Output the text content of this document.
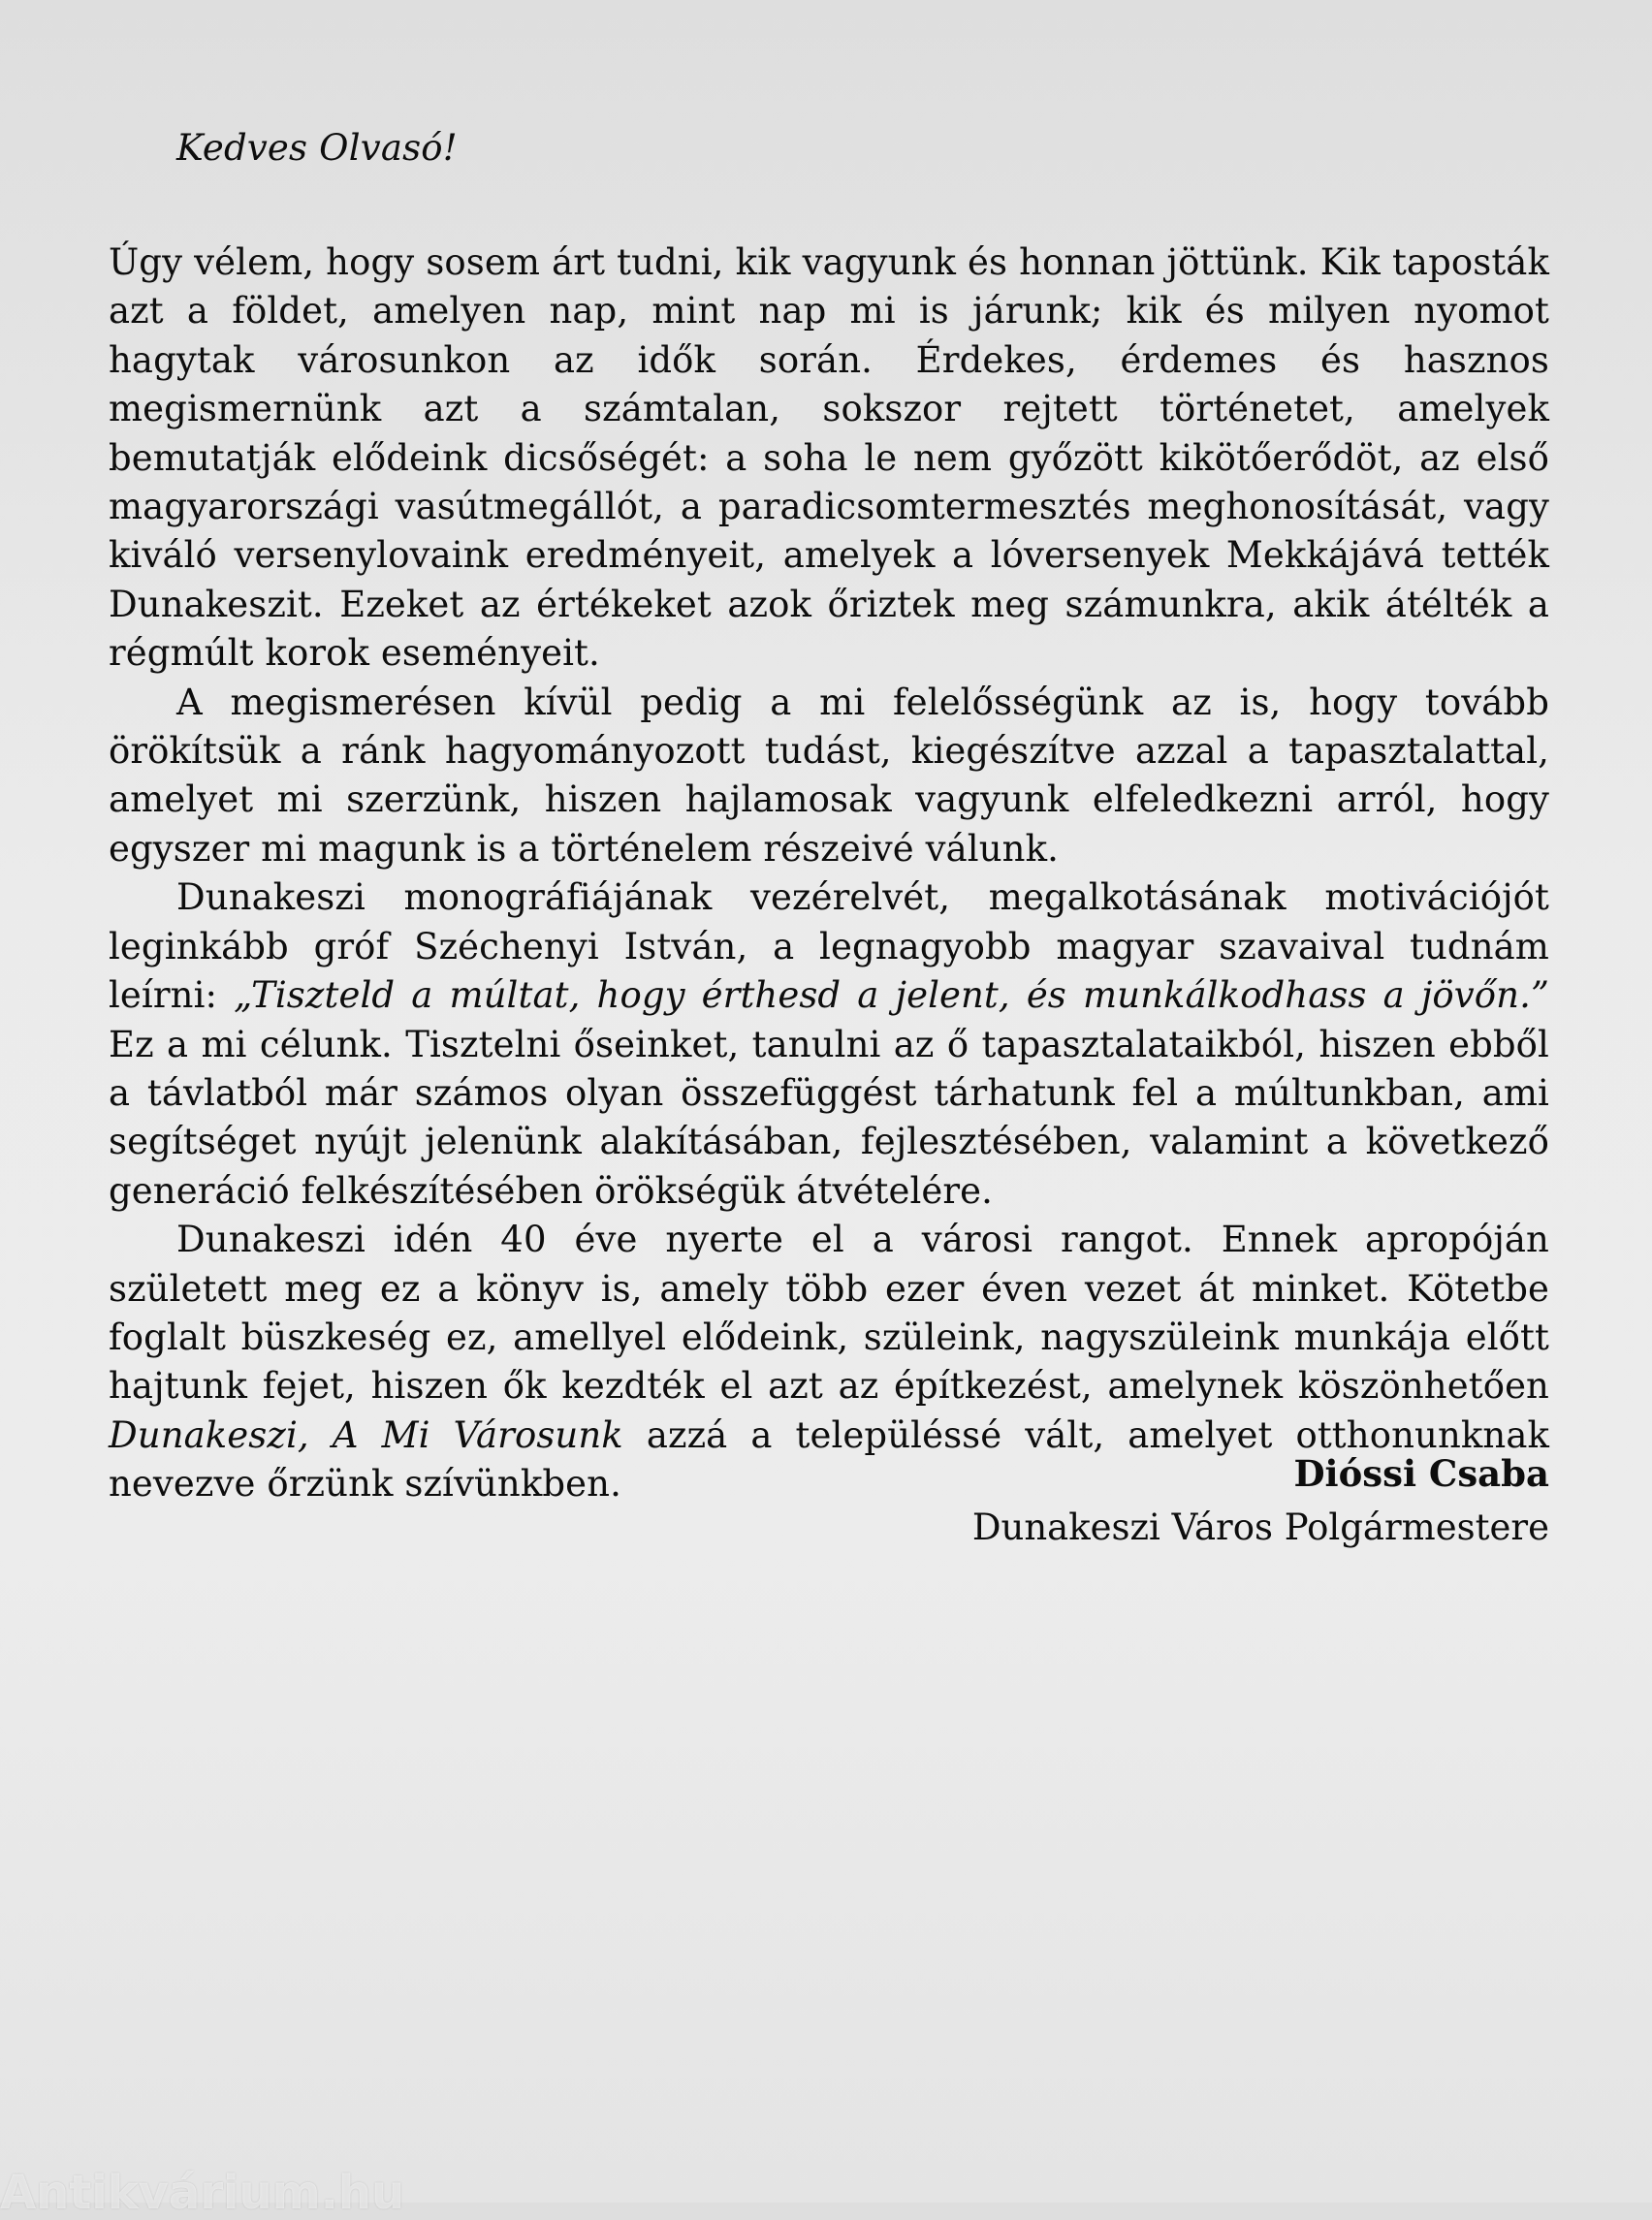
Kedves Olvasó!

Úgy vélem, hogy sosem árt tudni, kik vagyunk és honnan jöttünk. Kik taposták azt a földet, amelyen nap, mint nap mi is járunk; kik és milyen nyomot hagytak városunkon az idők során. Érdekes, érdemes és hasznos megismernünk azt a számtalan, sokszor rejtett történetet, amelyek bemutatják elődeink dicsőségét: a soha le nem győzött kikötőerődöt, az első magyarországi vasútmegállót, a paradicsomtermesztés meghonosítását, vagy kiváló versenylovaink eredményeit, amelyek a lóversenyek Mekkájává tették Dunakeszit. Ezeket az értékeket azok őriztek meg számunkra, akik átélték a régmúlt korok eseményeit.

A megismerésen kívül pedig a mi felelősségünk az is, hogy tovább örökítsük a ránk hagyományozott tudást, kiegészítve azzal a tapasztalattal, amelyet mi szerzünk, hiszen hajlamosak vagyunk elfeledkezni arról, hogy egyszer mi magunk is a történelem részeivé válunk.

Dunakeszi monográfiájának vezérelvét, megalkotásának motivációjót leginkább gróf Széchenyi István, a legnagyobb magyar szavaival tudnám leírni: „Tiszteld a múltat, hogy érthesd a jelent, és munkálkodhass a jövőn.” Ez a mi célunk. Tisztelni őseinket, tanulni az ő tapasztalataikból, hiszen ebből a távlatból már számos olyan összefüggést tárhatunk fel a múltunkban, ami segítséget nyújt jelenünk alakításában, fejlesztésében, valamint a következő generáció felkészítésében örökségük átvételére.

Dunakeszi idén 40 éve nyerte el a városi rangot. Ennek apropóján született meg ez a könyv is, amely több ezer éven vezet át minket. Kötetbe foglalt büszkeség ez, amellyel elődeink, szüleink, nagyszüleink munkája előtt hajtunk fejet, hiszen ők kezdték el azt az építkezést, amelynek köszönhetően Dunakeszi, A Mi Városunk azzá a településsé vált, amelyet otthonunknak nevezve őrzünk szívünkben.	Dióssi Csaba
Dunakeszi Város Polgármestere
Antikvárium.hu
